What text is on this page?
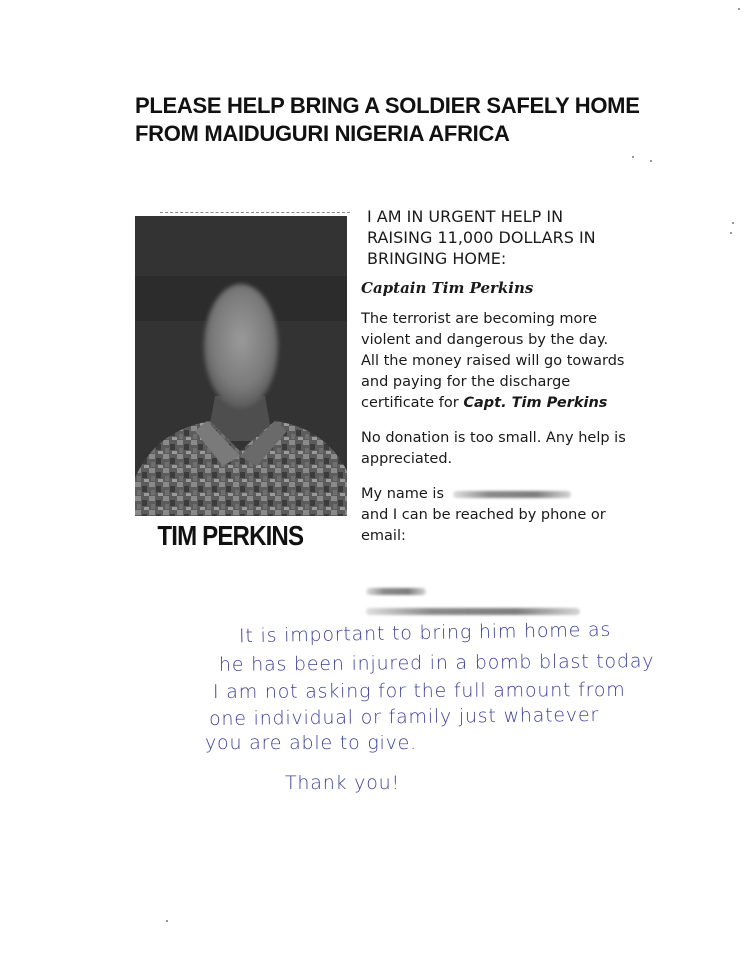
PLEASE HELP BRING A SOLDIER SAFELY HOME
FROM MAIDUGURI NIGERIA AFRICA
TIM PERKINS
I AM IN URGENT HELP IN
RAISING 11,000 DOLLARS IN
BRINGING HOME:
Captain Tim Perkins
The terrorist are becoming more
violent and dangerous by the day.
All the money raised will go towards
and paying for the discharge
certificate for Capt. Tim Perkins
No donation is too small. Any help is
appreciated.
My name is
and I can be reached by phone or
email:
It is important to bring him home as
he has been injured in a bomb blast today
I am not asking for the full amount from
one individual or family just whatever
you are able to give.
Thank you!
